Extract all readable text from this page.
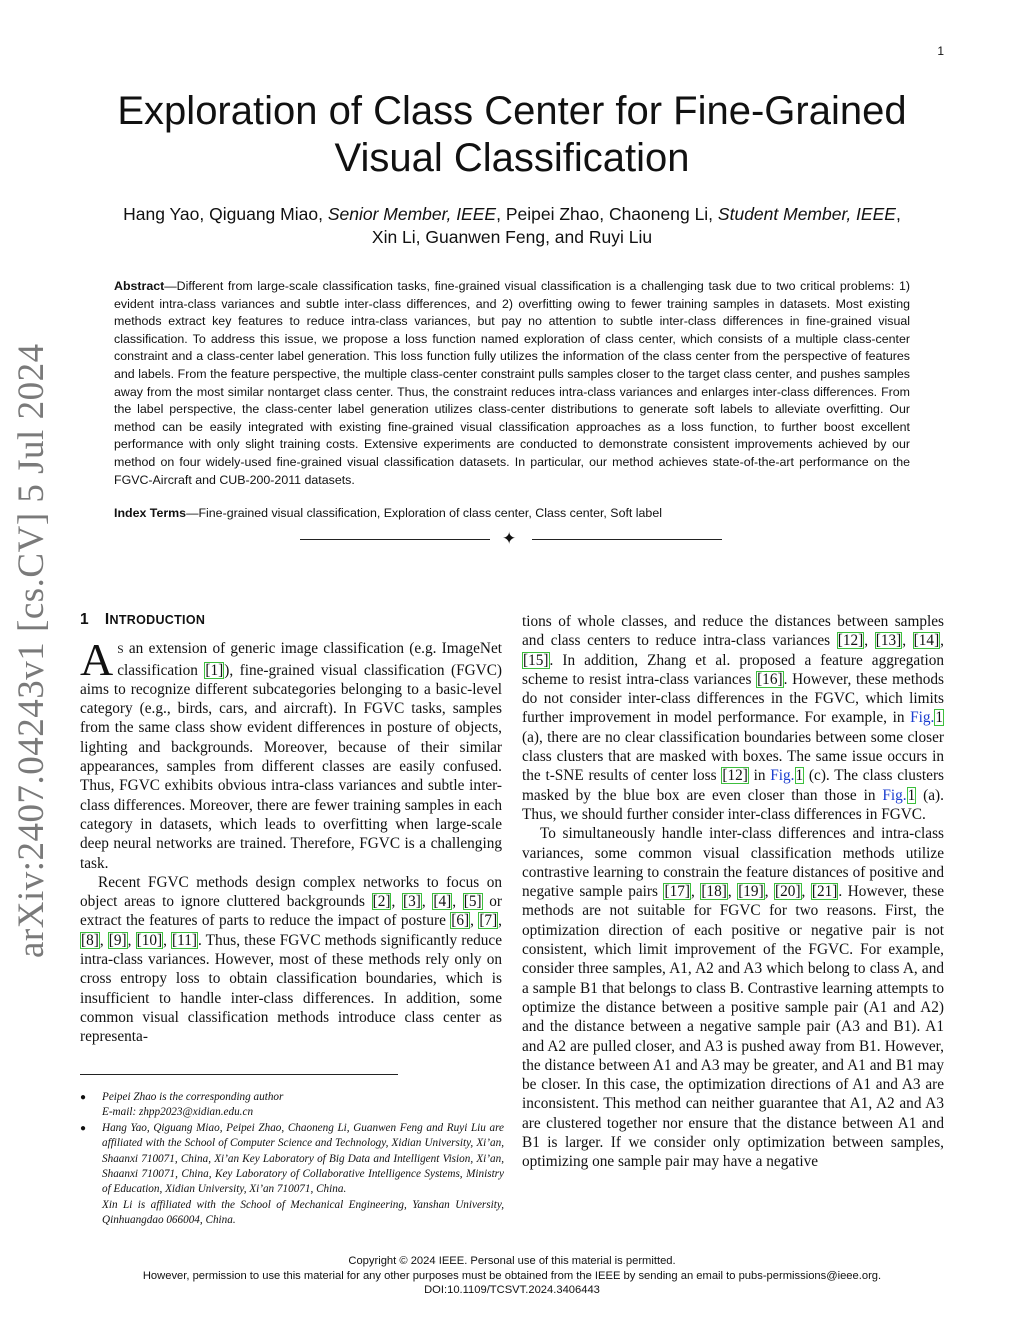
1
arXiv:2407.04243v1 [cs.CV] 5 Jul 2024
Exploration of Class Center for Fine-Grained
Visual Classification
Hang Yao, Qiguang Miao, Senior Member, IEEE, Peipei Zhao, Chaoneng Li, Student Member, IEEE,
Xin Li, Guanwen Feng, and Ruyi Liu
Abstract—Different from large-scale classification tasks, fine-grained visual classification is a challenging task due to two critical problems: 1) evident intra-class variances and subtle inter-class differences, and 2) overfitting owing to fewer training samples in datasets. Most existing methods extract key features to reduce intra-class variances, but pay no attention to subtle inter-class differences in fine-grained visual classification. To address this issue, we propose a loss function named exploration of class center, which consists of a multiple class-center constraint and a class-center label generation. This loss function fully utilizes the information of the class center from the perspective of features and labels. From the feature perspective, the multiple class-center constraint pulls samples closer to the target class center, and pushes samples away from the most similar nontarget class center. Thus, the constraint reduces intra-class variances and enlarges inter-class differences. From the label perspective, the class-center label generation utilizes class-center distributions to generate soft labels to alleviate overfitting. Our method can be easily integrated with existing fine-grained visual classification approaches as a loss function, to further boost excellent performance with only slight training costs. Extensive experiments are conducted to demonstrate consistent improvements achieved by our method on four widely-used fine-grained visual classification datasets. In particular, our method achieves state-of-the-art performance on the FGVC-Aircraft and CUB-200-2011 datasets.
Index Terms—Fine-grained visual classification, Exploration of class center, Class center, Soft label
✦
1 INTRODUCTION

A S an extension of generic image classification (e.g. ImageNet classification [1]), fine-grained visual classification (FGVC) aims to recognize different subcategories belonging to a basic-level category (e.g., birds, cars, and aircraft). In FGVC tasks, samples from the same class show evident differences in posture of objects, lighting and backgrounds. Moreover, because of their similar appearances, samples from different classes are easily confused. Thus, FGVC exhibits obvious intra-class variances and subtle inter-class differences. Moreover, there are fewer training samples in each category in datasets, which leads to overfitting when large-scale deep neural networks are trained. Therefore, FGVC is a challenging task.

Recent FGVC methods design complex networks to focus on object areas to ignore cluttered backgrounds [2], [3], [4], [5] or extract the features of parts to reduce the impact of posture [6], [7], [8], [9], [10], [11]. Thus, these FGVC methods significantly reduce intra-class variances. However, most of these methods rely only on cross entropy loss to obtain classification boundaries, which is insufficient to handle inter-class differences. In addition, some common visual classification methods introduce class center as representa-

● Peipei Zhao is the corresponding author
E-mail: zhpp2023@xidian.edu.cn
● Hang Yao, Qiguang Miao, Peipei Zhao, Chaoneng Li, Guanwen Feng and Ruyi Liu are affiliated with the School of Computer Science and Technology, Xidian University, Xi’an, Shaanxi 710071, China, Xi’an Key Laboratory of Big Data and Intelligent Vision, Xi’an, Shaanxi 710071, China, Key Laboratory of Collaborative Intelligence Systems, Ministry of Education, Xidian University, Xi’an 710071, China.
Xin Li is affiliated with the School of Mechanical Engineering, Yanshan University, Qinhuangdao 066004, China.

tions of whole classes, and reduce the distances between samples and class centers to reduce intra-class variances [12], [13], [14], [15]. In addition, Zhang et al. proposed a feature aggregation scheme to resist intra-class variances [16]. However, these methods do not consider inter-class differences in the FGVC, which limits further improvement in model performance. For example, in Fig.1 (a), there are no clear classification boundaries between some closer class clusters that are masked with boxes. The same issue occurs in the t-SNE results of center loss [12] in Fig.1 (c). The class clusters masked by the blue box are even closer than those in Fig.1 (a). Thus, we should further consider inter-class differences in FGVC.

To simultaneously handle inter-class differences and intra-class variances, some common visual classification methods utilize contrastive learning to constrain the feature distances of positive and negative sample pairs [17], [18], [19], [20], [21]. However, these methods are not suitable for FGVC for two reasons. First, the optimization direction of each positive or negative pair is not consistent, which limit improvement of the FGVC. For example, consider three samples, A1, A2 and A3 which belong to class A, and a sample B1 that belongs to class B. Contrastive learning attempts to optimize the distance between a positive sample pair (A1 and A2) and the distance between a negative sample pair (A3 and B1). A1 and A2 are pulled closer, and A3 is pushed away from B1. However, the distance between A1 and A3 may be greater, and A1 and B1 may be closer. In this case, the optimization directions of A1 and A3 are inconsistent. This method can neither guarantee that A1, A2 and A3 are clustered together nor ensure that the distance between A1 and B1 is larger. If we consider only optimization between samples, optimizing one sample pair may have a negative

Copyright © 2024 IEEE. Personal use of this material is permitted.
However, permission to use this material for any other purposes must be obtained from the IEEE by sending an email to pubs-permissions@ieee.org.
DOI:10.1109/TCSVT.2024.3406443
